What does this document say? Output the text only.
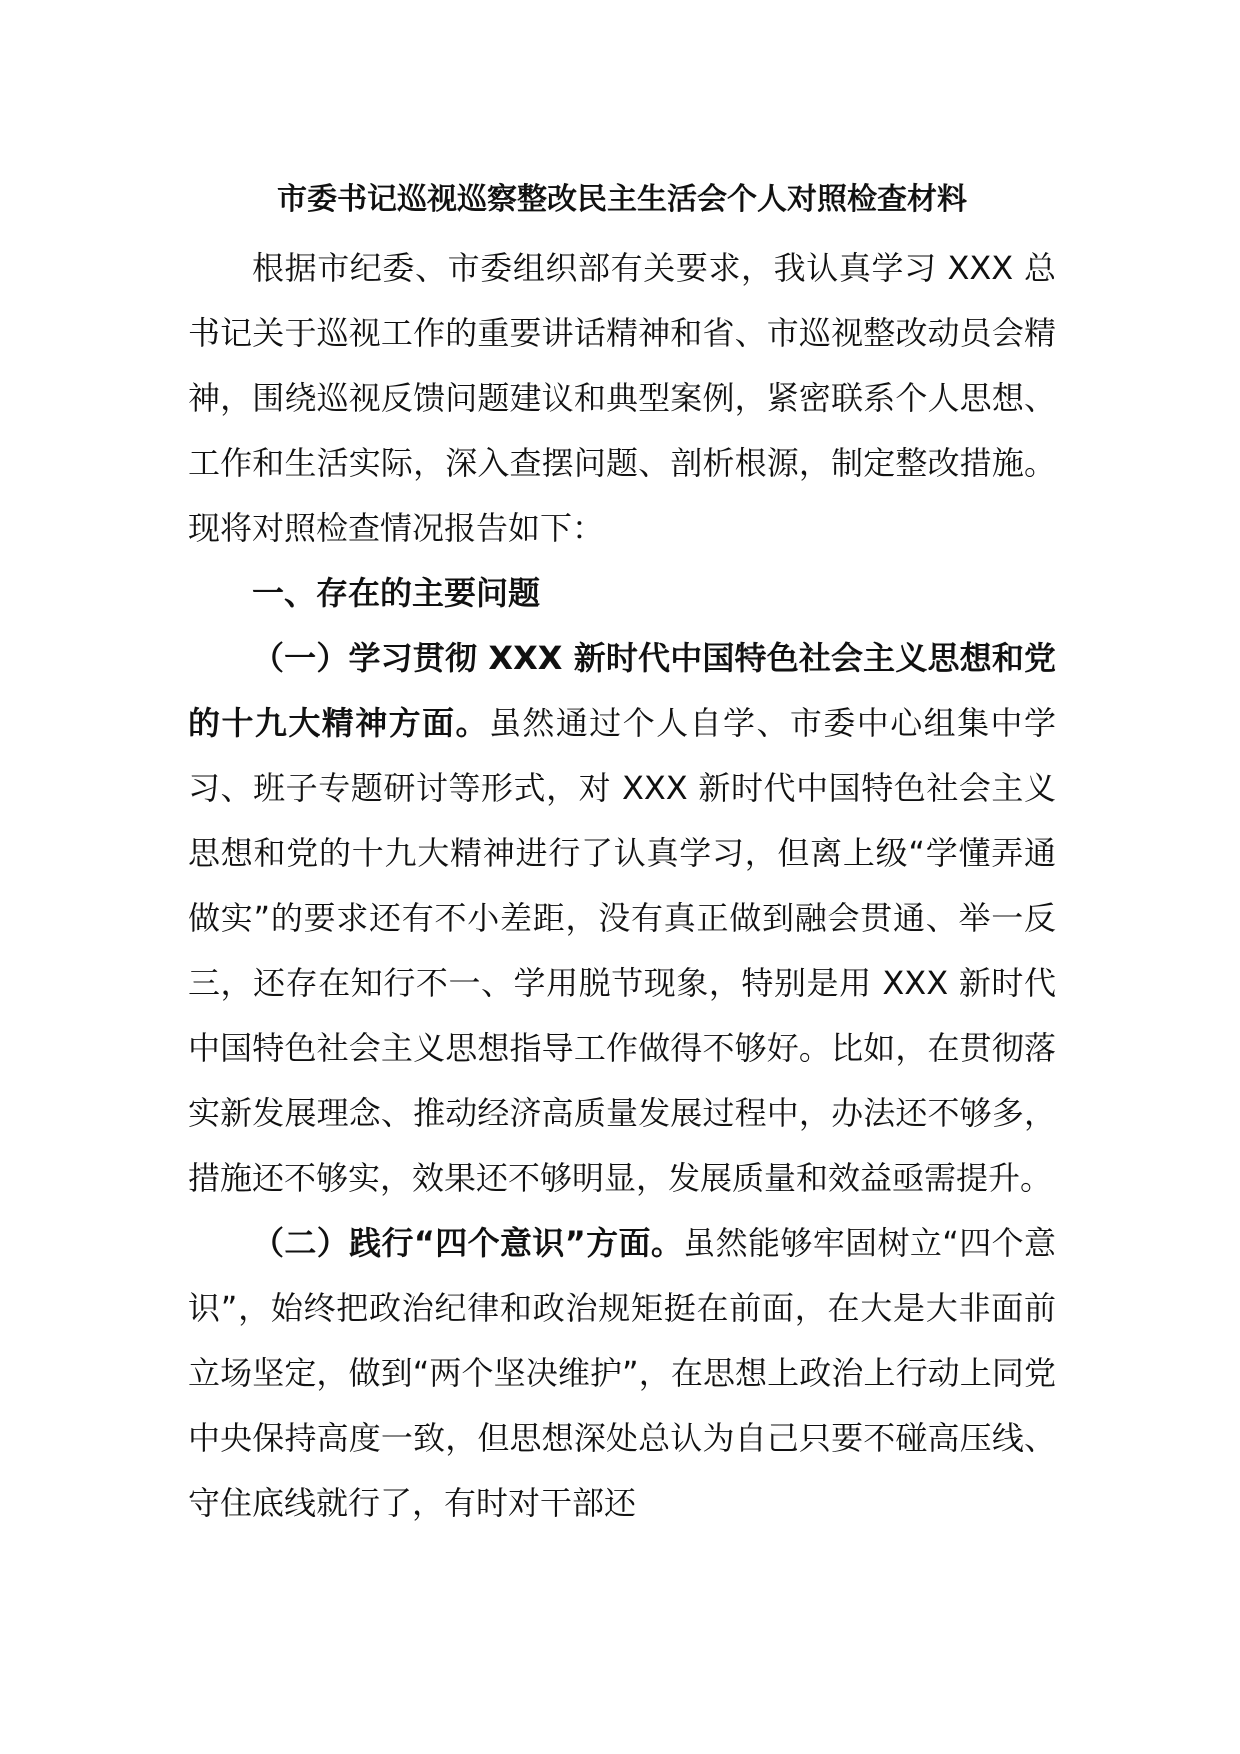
市委书记巡视巡察整改民主生活会个人对照检查材料

根据市纪委、市委组织部有关要求，我认真学习 XXX 总书记关于巡视工作的重要讲话精神和省、市巡视整改动员会精神，围绕巡视反馈问题建议和典型案例，紧密联系个人思想、工作和生活实际，深入查摆问题、剖析根源，制定整改措施。现将对照检查情况报告如下：

一、存在的主要问题

（一）学习贯彻 XXX 新时代中国特色社会主义思想和党的十九大精神方面。虽然通过个人自学、市委中心组集中学习、班子专题研讨等形式，对 XXX 新时代中国特色社会主义思想和党的十九大精神进行了认真学习，但离上级“学懂弄通做实”的要求还有不小差距，没有真正做到融会贯通、举一反三，还存在知行不一、学用脱节现象，特别是用 XXX 新时代中国特色社会主义思想指导工作做得不够好。比如，在贯彻落实新发展理念、推动经济高质量发展过程中，办法还不够多，措施还不够实，效果还不够明显，发展质量和效益亟需提升。

（二）践行“四个意识”方面。虽然能够牢固树立“四个意识”，始终把政治纪律和政治规矩挺在前面，在大是大非面前立场坚定，做到“两个坚决维护”，在思想上政治上行动上同党中央保持高度一致，但思想深处总认为自己只要不碰高压线、守住底线就行了，有时对干部还
